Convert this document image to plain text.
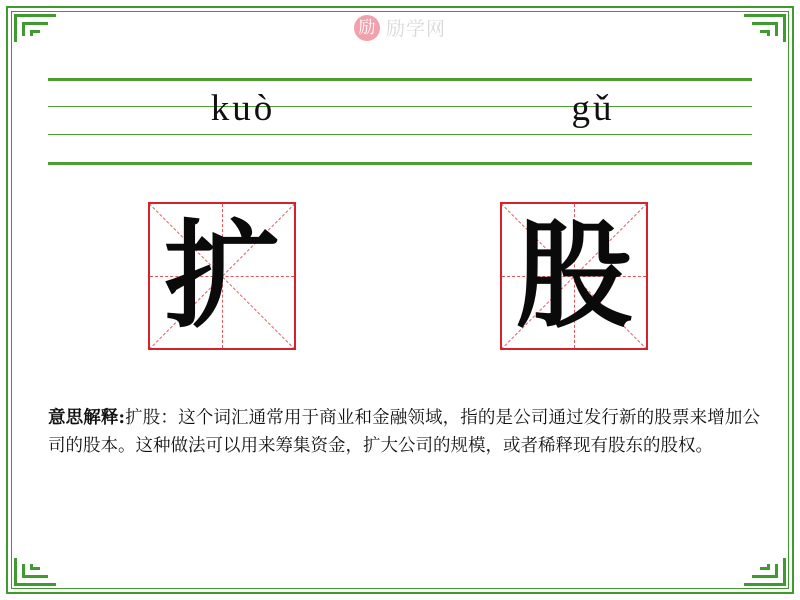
励 励学网
kuò	gǔ
扩 股
意思解释:扩股：这个词汇通常用于商业和金融领域，指的是公司通过发行新的股票来增加公司的股本。这种做法可以用来筹集资金，扩大公司的规模，或者稀释现有股东的股权。
